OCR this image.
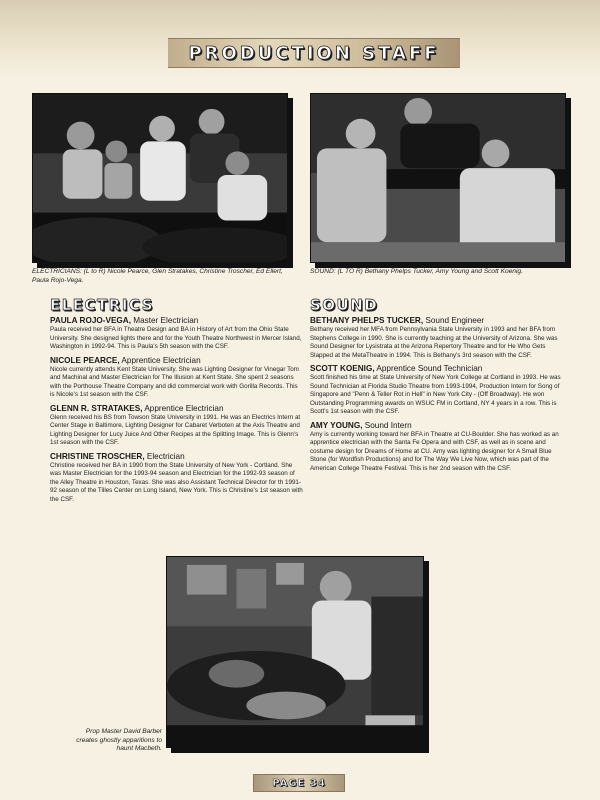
PRODUCTION STAFF
ELECTRICIANS: (L to R) Nicole Pearce, Glen Stratakes, Christine Troscher, Ed Ellert, Paula Rojo-Vega.
SOUND: (L TO R) Bethany Phelps Tucker, Amy Young and Scott Koenig.
ELECTRICS
PAULA ROJO-VEGA, Master Electrician
Paula received her BFA in Theatre Design and BA in History of Art from the Ohio State University. She designed lights there and for the Youth Theatre Northwest in Mercer Island, Washington in 1992-94. This is Paula's 5th season with the CSF.
NICOLE PEARCE, Apprentice Electrician
Nicole currently attends Kent State University. She was Lighting Designer for Vinegar Tom and Machinal and Master Electrician for The Illusion at Kent State. She spent 2 seasons with the Porthouse Theatre Company and did commercial work with Gorilla Records. This is Nicole's 1st season with the CSF.
GLENN R. STRATAKES, Apprentice Electrician
Glenn received his BS from Towson State University in 1991. He was an Electrics Intern at Center Stage in Baltimore, Lighting Designer for Cabaret Verboten at the Axis Theatre and Lighting Designer for Lucy Juice And Other Recipes at the Splitting Image. This is Glenn's 1st season with the CSF.
CHRISTINE TROSCHER, Electrician
Christine received her BA in 1990 from the State University of New York - Cortland. She was Master Electrician for the 1993-94 season and Electrician for the 1992-93 season of the Alley Theatre in Houston, Texas. She was also Assistant Technical Director for th 1991-92 season of the Tilles Center on Long Island, New York. This is Christine's 1st season with the CSF.
SOUND
BETHANY PHELPS TUCKER, Sound Engineer
Bethany received her MFA from Pennsylvania State University in 1993 and her BFA from Stephens College in 1990. She is currently teaching at the University of Arizona. She was Sound Designer for Lysistrata at the Arizona Repertory Theatre and for He Who Gets Slapped at the MetaTheatre in 1994. This is Bethany's 3rd season with the CSF.
SCOTT KOENIG, Apprentice Sound Technician
Scott finished his time at State University of New York College at Cortland in 1993. He was Sound Technician at Florida Studio Theatre from 1993-1994, Production Intern for Song of Singapore and "Penn & Teller Rot in Hell" in New York City - (Off Broadway). He won Outstanding Programming awards on WSUC FM in Cortland, NY 4 years in a row. This is Scott's 1st season with the CSF.
AMY YOUNG, Sound Intern
Amy is currently working toward her BFA in Theatre at CU-Boulder. She has worked as an apprentice electrician with the Santa Fe Opera and with CSF, as well as in scene and costume design for Dreams of Home at CU. Amy was lighting designer for A Small Blue Stone (for Wordfish Productions) and for The Way We Live Now, which was part of the American College Theatre Festival. This is her 2nd season with the CSF.
Prop Master David Barber creates ghostly apparitions to haunt Macbeth.
PAGE 34
